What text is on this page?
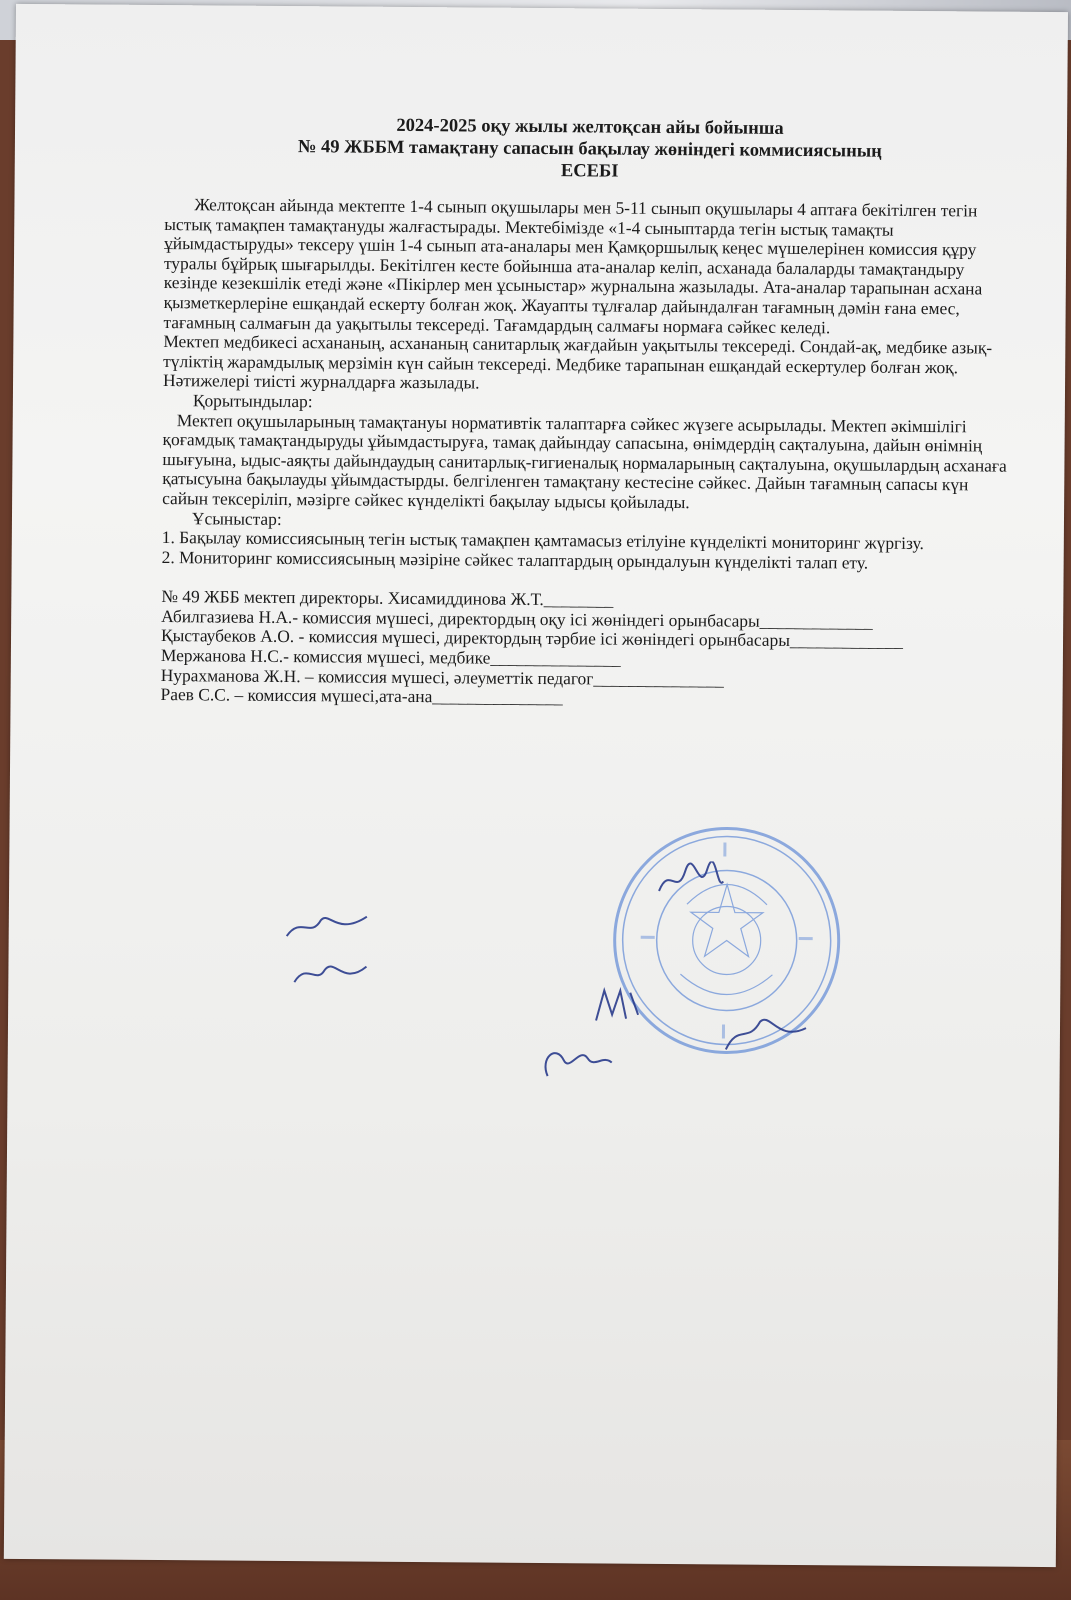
2024-2025 оқу жылы желтоқсан айы бойынша
№ 49 ЖББМ тамақтану сапасын бақылау жөніндегі коммисиясының
ЕСЕБІ
Желтоқсан айында мектепте 1-4 сынып оқушылары мен 5-11 сынып оқушылары 4 аптаға бекітілген тегін ыстық тамақпен тамақтануды жалғастырады. Мектебімізде «1-4 сыныптарда тегін ыстық тамақты ұйымдастыруды» тексеру үшін 1-4 сынып ата-аналары мен Қамқоршылық кеңес мүшелерінен комиссия құру туралы бұйрық шығарылды. Бекітілген кесте бойынша ата-аналар келіп, асханада балаларды тамақтандыру кезінде кезекшілік етеді және «Пікірлер мен ұсыныстар» журналына жазылады. Ата-аналар тарапынан асхана қызметкерлеріне ешқандай ескерту болған жоқ. Жауапты тұлғалар дайындалған тағамның дәмін ғана емес, тағамның салмағын да уақытылы тексереді. Тағамдардың салмағы нормаға сәйкес келеді.
Мектеп медбикесі асхананың, асхананың санитарлық жағдайын уақытылы тексереді. Сондай-ақ, медбике азық-түліктің жарамдылық мерзімін күн сайын тексереді. Медбике тарапынан ешқандай ескертулер болған жоқ.
Нәтижелері тиісті журналдарға жазылады.
Қорытындылар:
Мектеп оқушыларының тамақтануы нормативтік талаптарға сәйкес жүзеге асырылады. Мектеп әкімшілігі қоғамдық тамақтандыруды ұйымдастыруға, тамақ дайындау сапасына, өнімдердің сақталуына, дайын өнімнің шығуына, ыдыс-аяқты дайындаудың санитарлық-гигиеналық нормаларының сақталуына, оқушылардың асханаға қатысуына бақылауды ұйымдастырды. белгіленген тамақтану кестесіне сәйкес. Дайын тағамның сапасы күн сайын тексеріліп, мәзірге сәйкес күнделікті бақылау ыдысы қойылады.
Ұсыныстар:
1. Бақылау комиссиясының тегін ыстық тамақпен қамтамасыз етілуіне күнделікті мониторинг жүргізу.
2. Мониторинг комиссиясының мәзіріне сәйкес талаптардың орындалуын күнделікті талап ету.
№ 49 ЖББ мектеп директоры. Хисамиддинова Ж.Т.________
Абилгазиева Н.А.- комиссия мүшесі, директордың оқу ісі жөніндегі орынбасары_____________
Қыстаубеков А.О. - комиссия мүшесі, директордың тәрбие ісі жөніндегі орынбасары_____________
Мержанова Н.С.- комиссия мүшесі, медбике_______________
Нурахманова Ж.Н. – комиссия мүшесі, әлеуметтік педагог_______________
Раев С.С. – комиссия мүшесі,ата-ана_______________
